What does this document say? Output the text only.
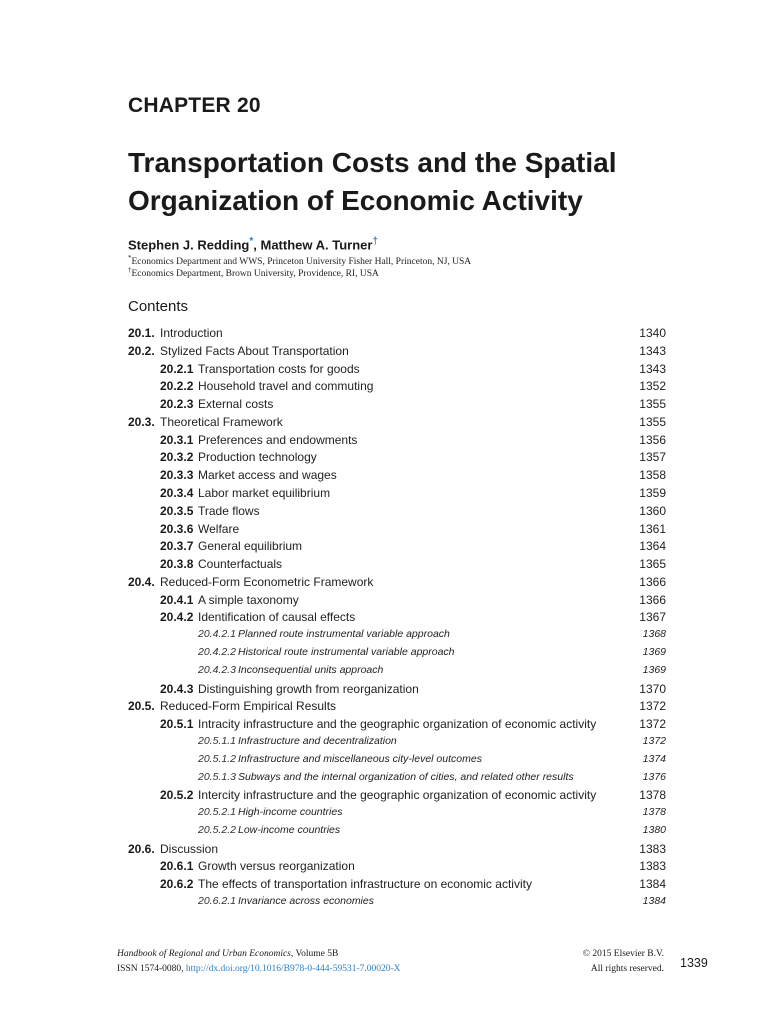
CHAPTER 20
Transportation Costs and the Spatial
Organization of Economic Activity
Stephen J. Redding*, Matthew A. Turner†
*Economics Department and WWS, Princeton University Fisher Hall, Princeton, NJ, USA
†Economics Department, Brown University, Providence, RI, USA
Contents
20.1. Introduction	1340
20.2. Stylized Facts About Transportation	1343
20.2.1 Transportation costs for goods	1343
20.2.2 Household travel and commuting	1352
20.2.3 External costs	1355
20.3. Theoretical Framework	1355
20.3.1 Preferences and endowments	1356
20.3.2 Production technology	1357
20.3.3 Market access and wages	1358
20.3.4 Labor market equilibrium	1359
20.3.5 Trade flows	1360
20.3.6 Welfare	1361
20.3.7 General equilibrium	1364
20.3.8 Counterfactuals	1365
20.4. Reduced-Form Econometric Framework	1366
20.4.1 A simple taxonomy	1366
20.4.2 Identification of causal effects	1367
20.4.2.1 Planned route instrumental variable approach	1368
20.4.2.2 Historical route instrumental variable approach	1369
20.4.2.3 Inconsequential units approach	1369
20.4.3 Distinguishing growth from reorganization	1370
20.5. Reduced-Form Empirical Results	1372
20.5.1 Intracity infrastructure and the geographic organization of economic activity	1372
20.5.1.1 Infrastructure and decentralization	1372
20.5.1.2 Infrastructure and miscellaneous city-level outcomes	1374
20.5.1.3 Subways and the internal organization of cities, and related other results	1376
20.5.2 Intercity infrastructure and the geographic organization of economic activity	1378
20.5.2.1 High-income countries	1378
20.5.2.2 Low-income countries	1380
20.6. Discussion	1383
20.6.1 Growth versus reorganization	1383
20.6.2 The effects of transportation infrastructure on economic activity	1384
20.6.2.1 Invariance across economies	1384
Handbook of Regional and Urban Economics, Volume 5B
ISSN 1574-0080, http://dx.doi.org/10.1016/B978-0-444-59531-7.00020-X
© 2015 Elsevier B.V.
All rights reserved. 1339
